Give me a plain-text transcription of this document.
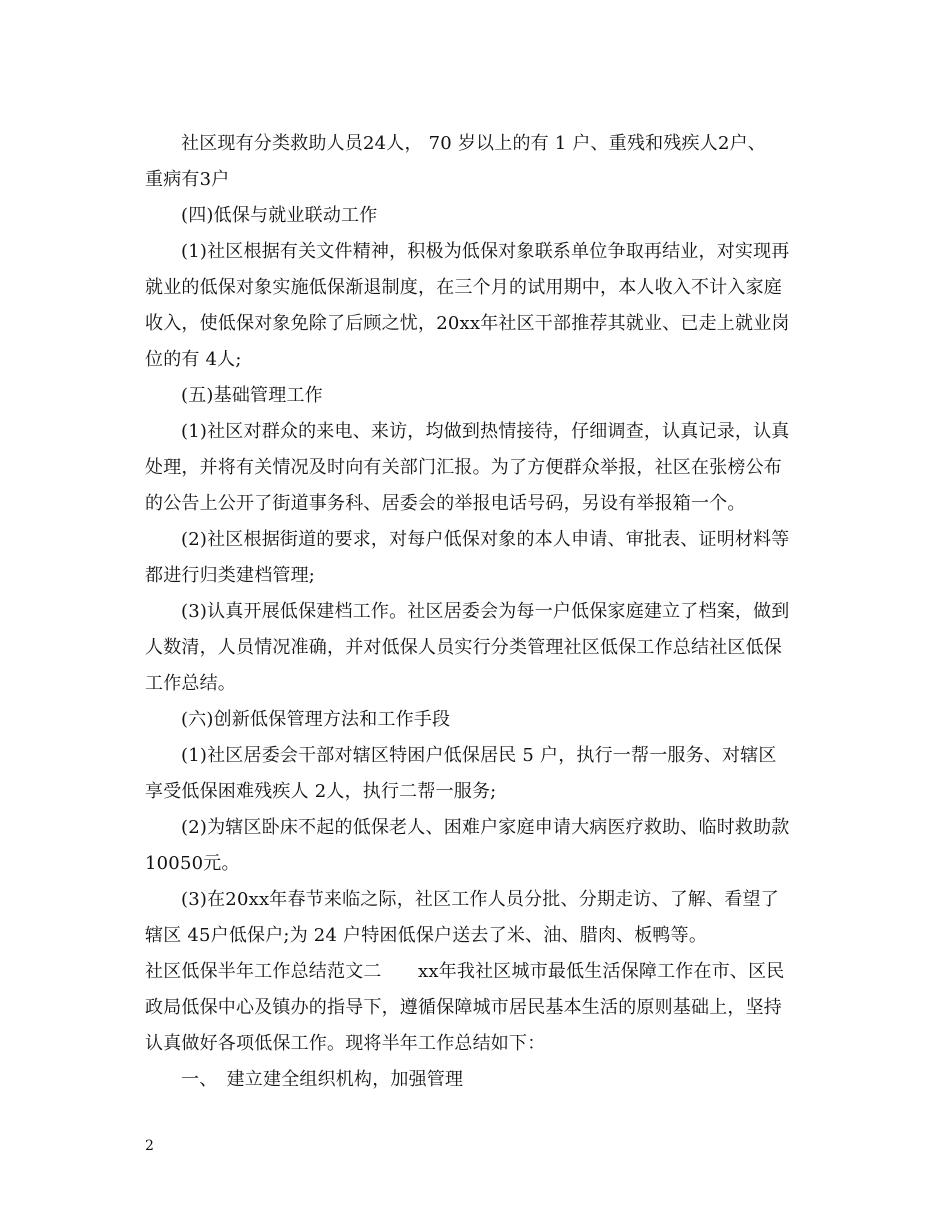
社区现有分类救助人员24人， 70 岁以上的有 1 户、重残和残疾人2户、
重病有3户
(四)低保与就业联动工作
(1)社区根据有关文件精神，积极为低保对象联系单位争取再结业，对实现再
就业的低保对象实施低保渐退制度，在三个月的试用期中，本人收入不计入家庭
收入，使低保对象免除了后顾之忧，20xx年社区干部推荐其就业、已走上就业岗
位的有 4人;
(五)基础管理工作
(1)社区对群众的来电、来访，均做到热情接待，仔细调查，认真记录，认真
处理，并将有关情况及时向有关部门汇报。为了方便群众举报，社区在张榜公布
的公告上公开了街道事务科、居委会的举报电话号码，另设有举报箱一个。
(2)社区根据街道的要求，对每户低保对象的本人申请、审批表、证明材料等
都进行归类建档管理;
(3)认真开展低保建档工作。社区居委会为每一户低保家庭建立了档案，做到
人数清，人员情况准确，并对低保人员实行分类管理社区低保工作总结社区低保
工作总结。
(六)创新低保管理方法和工作手段
(1)社区居委会干部对辖区特困户低保居民 5 户，执行一帮一服务、对辖区
享受低保困难残疾人 2人，执行二帮一服务;
(2)为辖区卧床不起的低保老人、困难户家庭申请大病医疗救助、临时救助款
10050元。
(3)在20xx年春节来临之际，社区工作人员分批、分期走访、了解、看望了
辖区 45户低保户;为 24 户特困低保户送去了米、油、腊肉、板鸭等。
社区低保半年工作总结范文二　　xx年我社区城市最低生活保障工作在市、区民
政局低保中心及镇办的指导下，遵循保障城市居民基本生活的原则基础上，坚持
认真做好各项低保工作。现将半年工作总结如下：
一、　建立建全组织机构，加强管理
2
